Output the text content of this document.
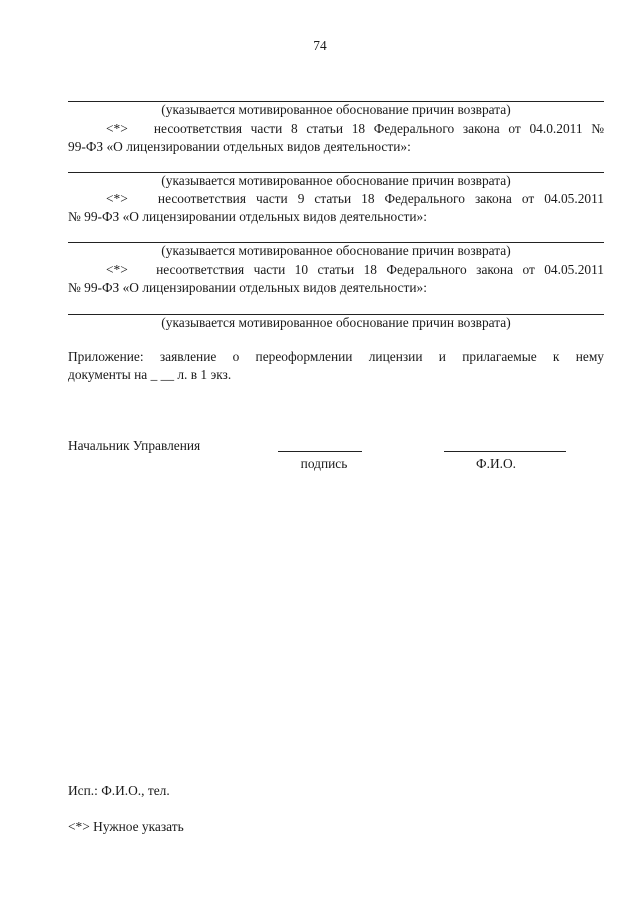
74
(указывается мотивированное обоснование причин возврата)
<*> несоответствия части 8 статьи 18 Федерального закона от 04.0.2011 №
99-ФЗ «О лицензировании отдельных видов деятельности»:
(указывается мотивированное обоснование причин возврата)
<*> несоответствия части 9 статьи 18 Федерального закона от 04.05.2011
№ 99-ФЗ «О лицензировании отдельных видов деятельности»:
(указывается мотивированное обоснование причин возврата)
<*> несоответствия части 10 статьи 18 Федерального закона от 04.05.2011
№ 99-ФЗ «О лицензировании отдельных видов деятельности»:
(указывается мотивированное обоснование причин возврата)
Приложение: заявление о переоформлении лицензии и прилагаемые к нему
документы на _ __ л. в 1 экз.
Начальник Управления
подпись	Ф.И.О.
Исп.: Ф.И.О., тел.
<*> Нужное указать
